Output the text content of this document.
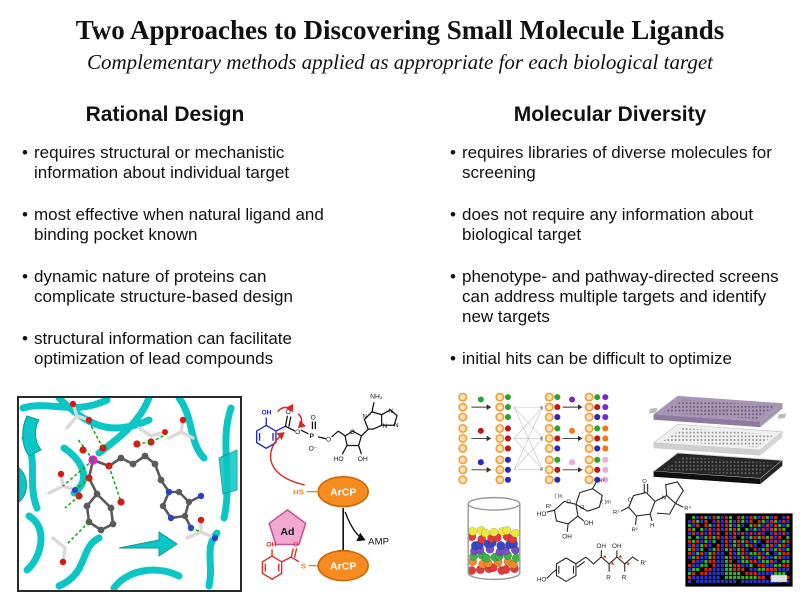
Two Approaches to Discovering Small Molecule Ligands
Complementary methods applied as appropriate for each biological target
Rational Design	Molecular Diversity
• requires structural or mechanistic information about individual target
• most effective when natural ligand and binding pocket known
• dynamic nature of proteins can complicate structure-based design
• structural information can facilitate optimization of lead compounds
• requires libraries of diverse molecules for screening
• does not require any information about biological target
• phenotype- and pathway-directed screens can address multiple targets and identify new targets
• initial hits can be difficult to optimize
OH O
O
P
O
O⁻
O
O
HO OH
N
N
N
N
NH₂
HS ArCP
Ad
AMP
OH O
S ArCP
HO
R¹
( )n
R²
( )m
O
O
OH
OH
O
O
N
R¹
R²
H
R⁴
HO
OH OH
R R
R'
*
*
*
*
